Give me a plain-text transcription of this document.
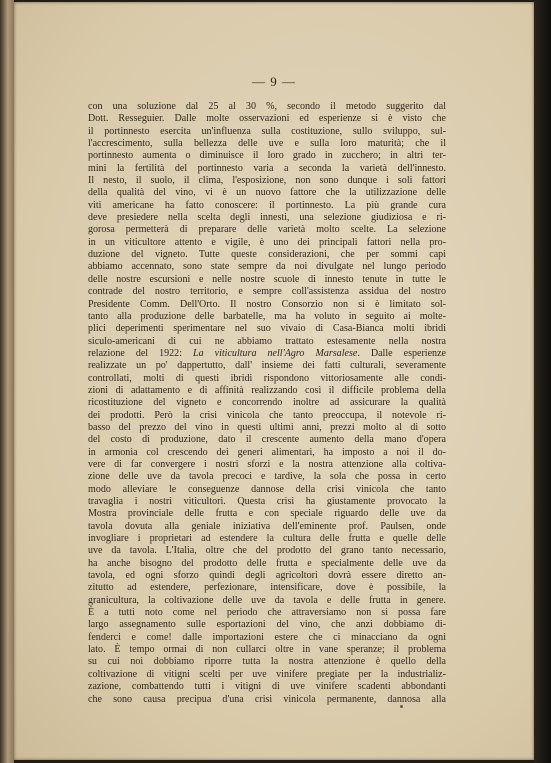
— 9 —
con una soluzione dal 25 al 30 %, secondo il metodo suggerito dal
Dott. Resseguier. Dalle molte osservazioni ed esperienze si è visto che
il portinnesto esercita un'influenza sulla costituzione, sullo sviluppo, sul-
l'accrescimento, sulla bellezza delle uve e sulla loro maturità; che il
portinnesto aumenta o diminuisce il loro grado in zucchero; in altri ter-
mini la fertilità del portinnesto varia a seconda la varietà dell'innesto.
Il nesto, il suolo, il clima, l'esposizione, non sono dunque i soli fattori
della qualità del vino, vi è un nuovo fattore che la utilizzazione delle
viti americane ha fatto conoscere: il portinnesto. La più grande cura
deve presiedere nella scelta degli innesti, una selezione giudiziosa e ri-
gorosa permetterà di preparare delle varietà molto scelte. La selezione
in un viticultore attento e vigile, è uno dei principali fattori nella pro-
duzione del vigneto. Tutte queste considerazioni, che per sommi capi
abbiamo accennato, sono state sempre da noi divulgate nel lungo periodo
delle nostre escursioni e nelle nostre scuole di innesto tenute in tutte le
contrade del nostro territorio, e sempre coll'assistenza assidua del nostro
Presidente Comm. Dell'Orto. Il nostro Consorzio non si è limitato sol-
tanto alla produzione delle barbatelle, ma ha voluto in seguito ai molte-
plici deperimenti sperimentare nel suo vivaio di Casa-Bianca molti ibridi
siculo-americani di cui ne abbiamo trattato estesamente nella nostra
relazione del 1922: La viticultura nell'Agro Marsalese. Dalle esperienze
realizzate un po' dappertutto, dall' insieme dei fatti culturali, severamente
controllati, molti di questi ibridi rispondono vittoriosamente alle condi-
zioni di adattamento e di affinità realizzando così il difficile problema della
ricostituzione del vigneto e concorrendo inoltre ad assicurare la qualità
dei prodotti. Però la crisi vinicola che tanto preoccupa, il notevole ri-
basso del prezzo del vino in questi ultimi anni, prezzi molto al di sotto
del costo di produzione, dato il crescente aumento della mano d'opera
in armonia col crescendo dei generi alimentari, ha imposto a noi il do-
vere di far convergere i nostri sforzi e la nostra attenzione alla coltiva-
zione delle uve da tavola precoci e tardive, la sola che possa in certo
modo alleviare le conseguenze dannose della crisi vinicola che tanto
travaglia i nostri viticultori. Questa crisi ha giustamente provocato la
Mostra provinciale delle frutta e con speciale riguardo delle uve da
tavola dovuta alla geniale iniziativa dell'eminente prof. Paulsen, onde
invogliare i proprietari ad estendere la cultura delle frutta e quelle delle
uve da tavola. L'Italia, oltre che del prodotto del grano tanto necessario,
ha anche bisogno del prodotto delle frutta e specialmente delle uve da
tavola, ed ogni sforzo quindi degli agricoltori dovrà essere diretto an-
zitutto ad estendere, perfezionare, intensificare, dove è possibile, la
granicultura, la coltivazione delle uve da tavola e delle frutta in genere.
È a tutti noto come nel periodo che attraversiamo non si possa fare
largo assegnamento sulle esportazioni del vino, che anzi dobbiamo di-
fenderci e come! dalle importazioni estere che ci minacciano da ogni
lato. È tempo ormai di non cullarci oltre in vane speranze; il problema
su cui noi dobbiamo riporre tutta la nostra attenzione è quello della
coltivazione di vitigni scelti per uve vinifere pregiate per la industrializ-
zazione, combattendo tutti i vitigni di uve vinifere scadenti abbondanti
che sono causa precipua d'una crisi vinicola permanente, dannosa alla
